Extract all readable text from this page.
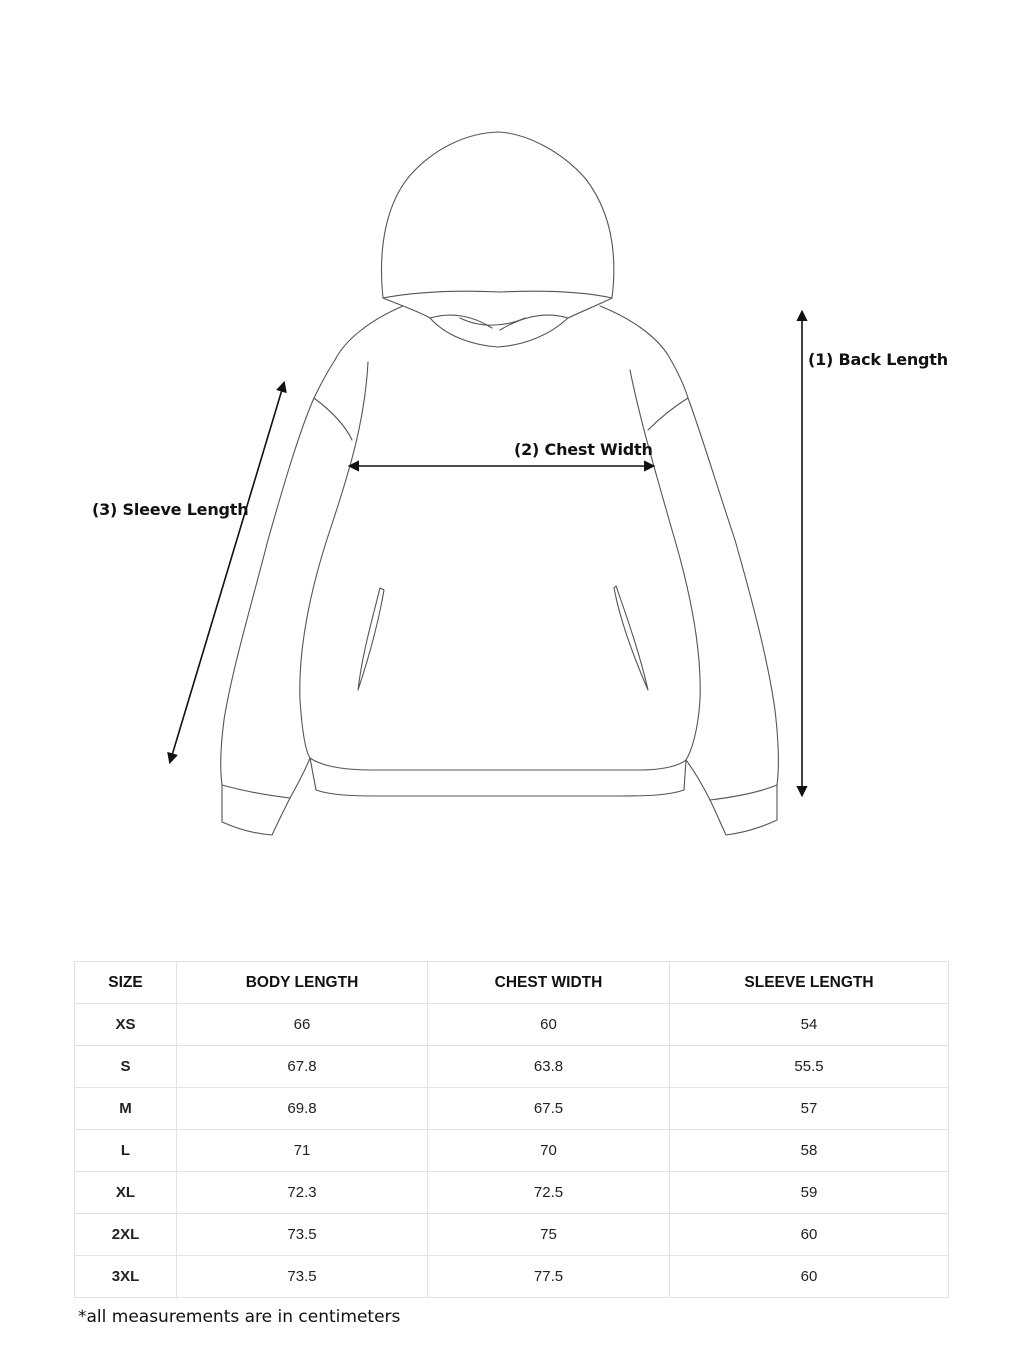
(1) Back Length
(2) Chest Width
(3) Sleeve Length
SIZE	BODY LENGTH	CHEST WIDTH	SLEEVE LENGTH
XS	66	60	54
S	67.8	63.8	55.5
M	69.8	67.5	57
L	71	70	58
XL	72.3	72.5	59
2XL	73.5	75	60
3XL	73.5	77.5	60
*all measurements are in centimeters
